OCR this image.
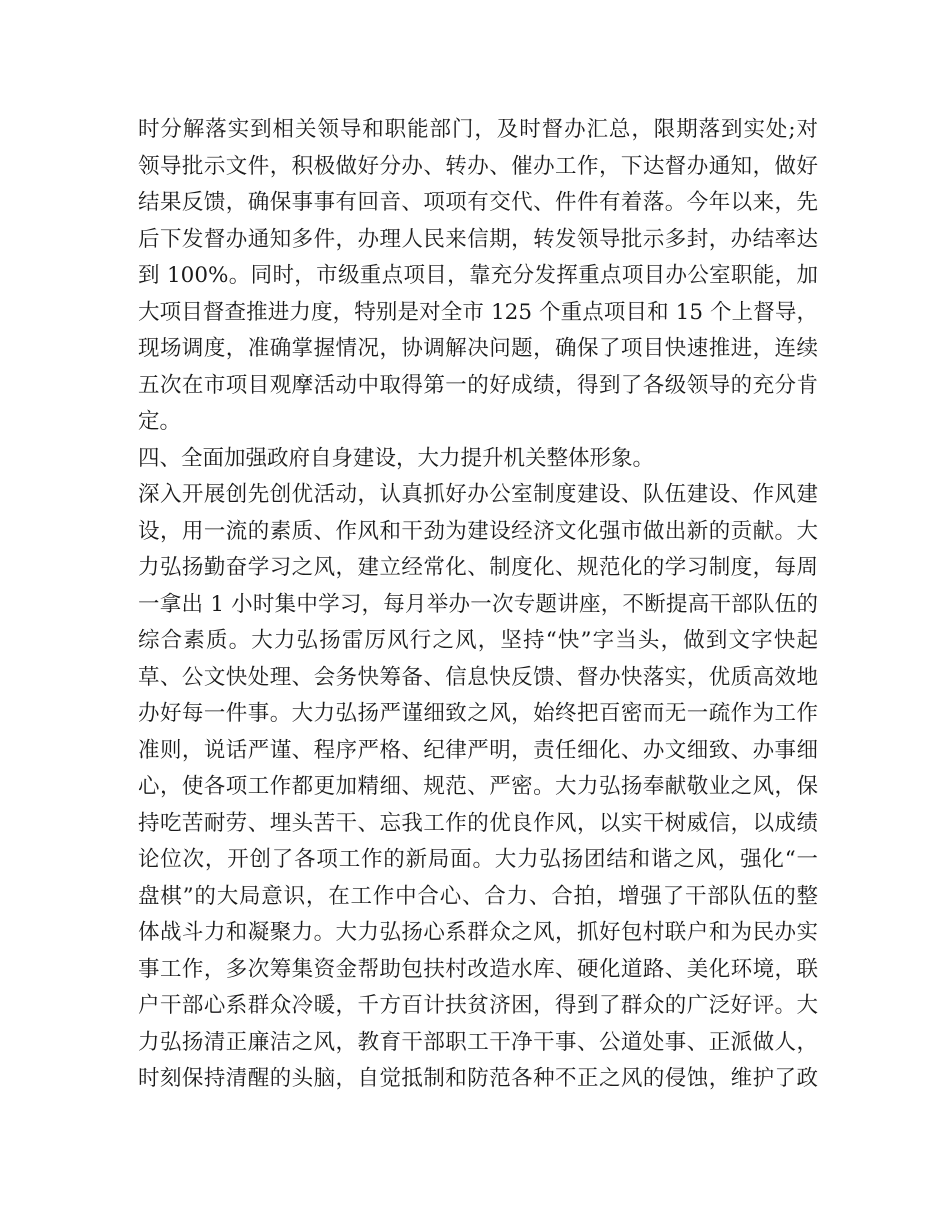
时分解落实到相关领导和职能部门，及时督办汇总，限期落到实处;对
领导批示文件，积极做好分办、转办、催办工作，下达督办通知，做好
结果反馈，确保事事有回音、项项有交代、件件有着落。今年以来，先
后下发督办通知多件，办理人民来信期，转发领导批示多封，办结率达
到 100%。同时，市级重点项目，靠充分发挥重点项目办公室职能，加
大项目督查推进力度，特别是对全市 125 个重点项目和 15 个上督导，
现场调度，准确掌握情况，协调解决问题，确保了项目快速推进，连续
五次在市项目观摩活动中取得第一的好成绩，得到了各级领导的充分肯
定。
四、全面加强政府自身建设，大力提升机关整体形象。
深入开展创先创优活动，认真抓好办公室制度建设、队伍建设、作风建
设，用一流的素质、作风和干劲为建设经济文化强市做出新的贡献。大
力弘扬勤奋学习之风，建立经常化、制度化、规范化的学习制度，每周
一拿出 1 小时集中学习，每月举办一次专题讲座，不断提高干部队伍的
综合素质。大力弘扬雷厉风行之风，坚持“快”字当头，做到文字快起
草、公文快处理、会务快筹备、信息快反馈、督办快落实，优质高效地
办好每一件事。大力弘扬严谨细致之风，始终把百密而无一疏作为工作
准则，说话严谨、程序严格、纪律严明，责任细化、办文细致、办事细
心，使各项工作都更加精细、规范、严密。大力弘扬奉献敬业之风，保
持吃苦耐劳、埋头苦干、忘我工作的优良作风，以实干树威信，以成绩
论位次，开创了各项工作的新局面。大力弘扬团结和谐之风，强化“一
盘棋”的大局意识，在工作中合心、合力、合拍，增强了干部队伍的整
体战斗力和凝聚力。大力弘扬心系群众之风，抓好包村联户和为民办实
事工作，多次筹集资金帮助包扶村改造水库、硬化道路、美化环境，联
户干部心系群众冷暖，千方百计扶贫济困，得到了群众的广泛好评。大
力弘扬清正廉洁之风，教育干部职工干净干事、公道处事、正派做人，
时刻保持清醒的头脑，自觉抵制和防范各种不正之风的侵蚀，维护了政
